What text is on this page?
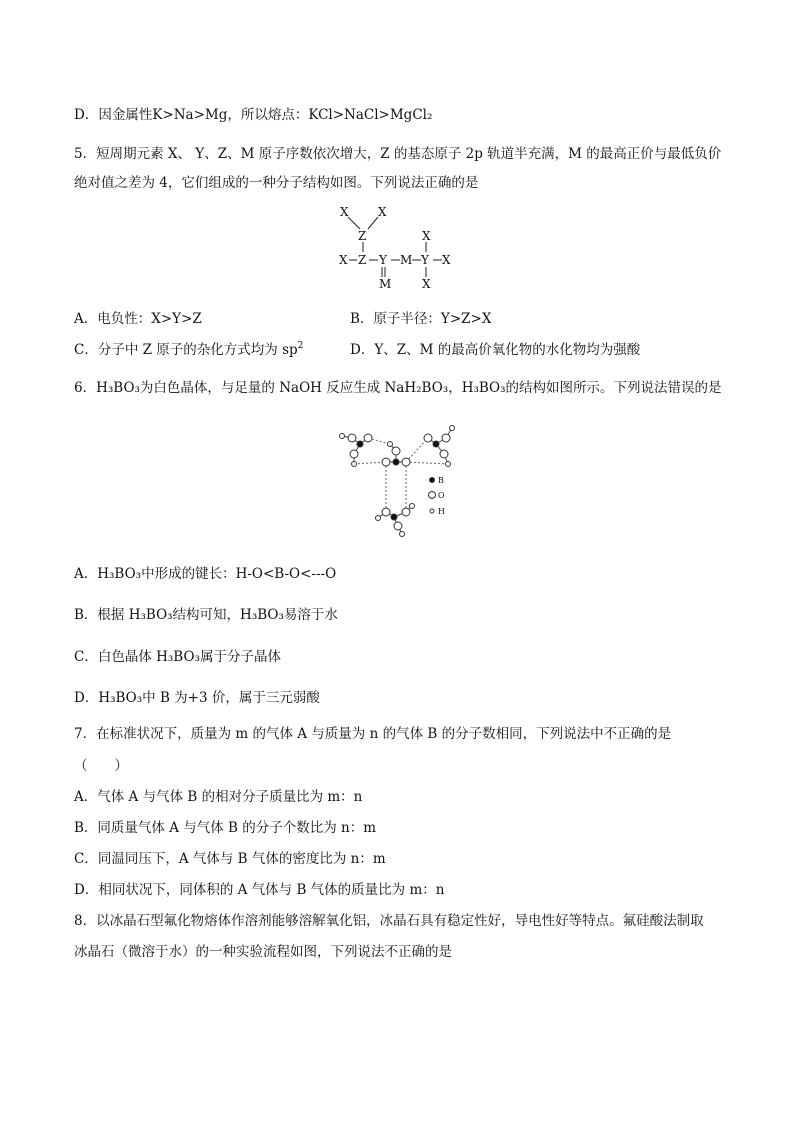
D．因金属性K>Na>Mg，所以熔点：KCl>NaCl>MgCl₂
5．短周期元素 X、 Y、Z、M 原子序数依次增大，Z 的基态原子 2p 轨道半充满，M 的最高正价与最低负价
绝对值之差为 4，它们组成的一种分子结构如图。下列说法正确的是
X X
Z
X Z Y M Y
X
X
X
M
A．电负性：X>Y>Z	B．原子半径：Y>Z>X
C．分子中 Z 原子的杂化方式均为 $sp^2$	D．Y、Z、M 的最高价氧化物的水化物均为强酸
6．H₃BO₃为白色晶体，与足量的 NaOH 反应生成 NaH₂BO₃，H₃BO₃的结构如图所示。下列说法错误的是
B
O
H
A．H₃BO₃中形成的键长：H-O<B-O<---O
B．根据 H₃BO₃结构可知，H₃BO₃易溶于水
C．白色晶体 H₃BO₃属于分子晶体
D．H₃BO₃中 B 为+3 价，属于三元弱酸
7．在标准状况下，质量为 m 的气体 A 与质量为 n 的气体 B 的分子数相同，下列说法中不正确的是
（　　）
A．气体 A 与气体 B 的相对分子质量比为 m：n
B．同质量气体 A 与气体 B 的分子个数比为 n：m
C．同温同压下，A 气体与 B 气体的密度比为 n：m
D．相同状况下，同体积的 A 气体与 B 气体的质量比为 m：n
8．以冰晶石型氟化物熔体作溶剂能够溶解氧化铝，冰晶石具有稳定性好，导电性好等特点。氟硅酸法制取
冰晶石（微溶于水）的一种实验流程如图，下列说法不正确的是
